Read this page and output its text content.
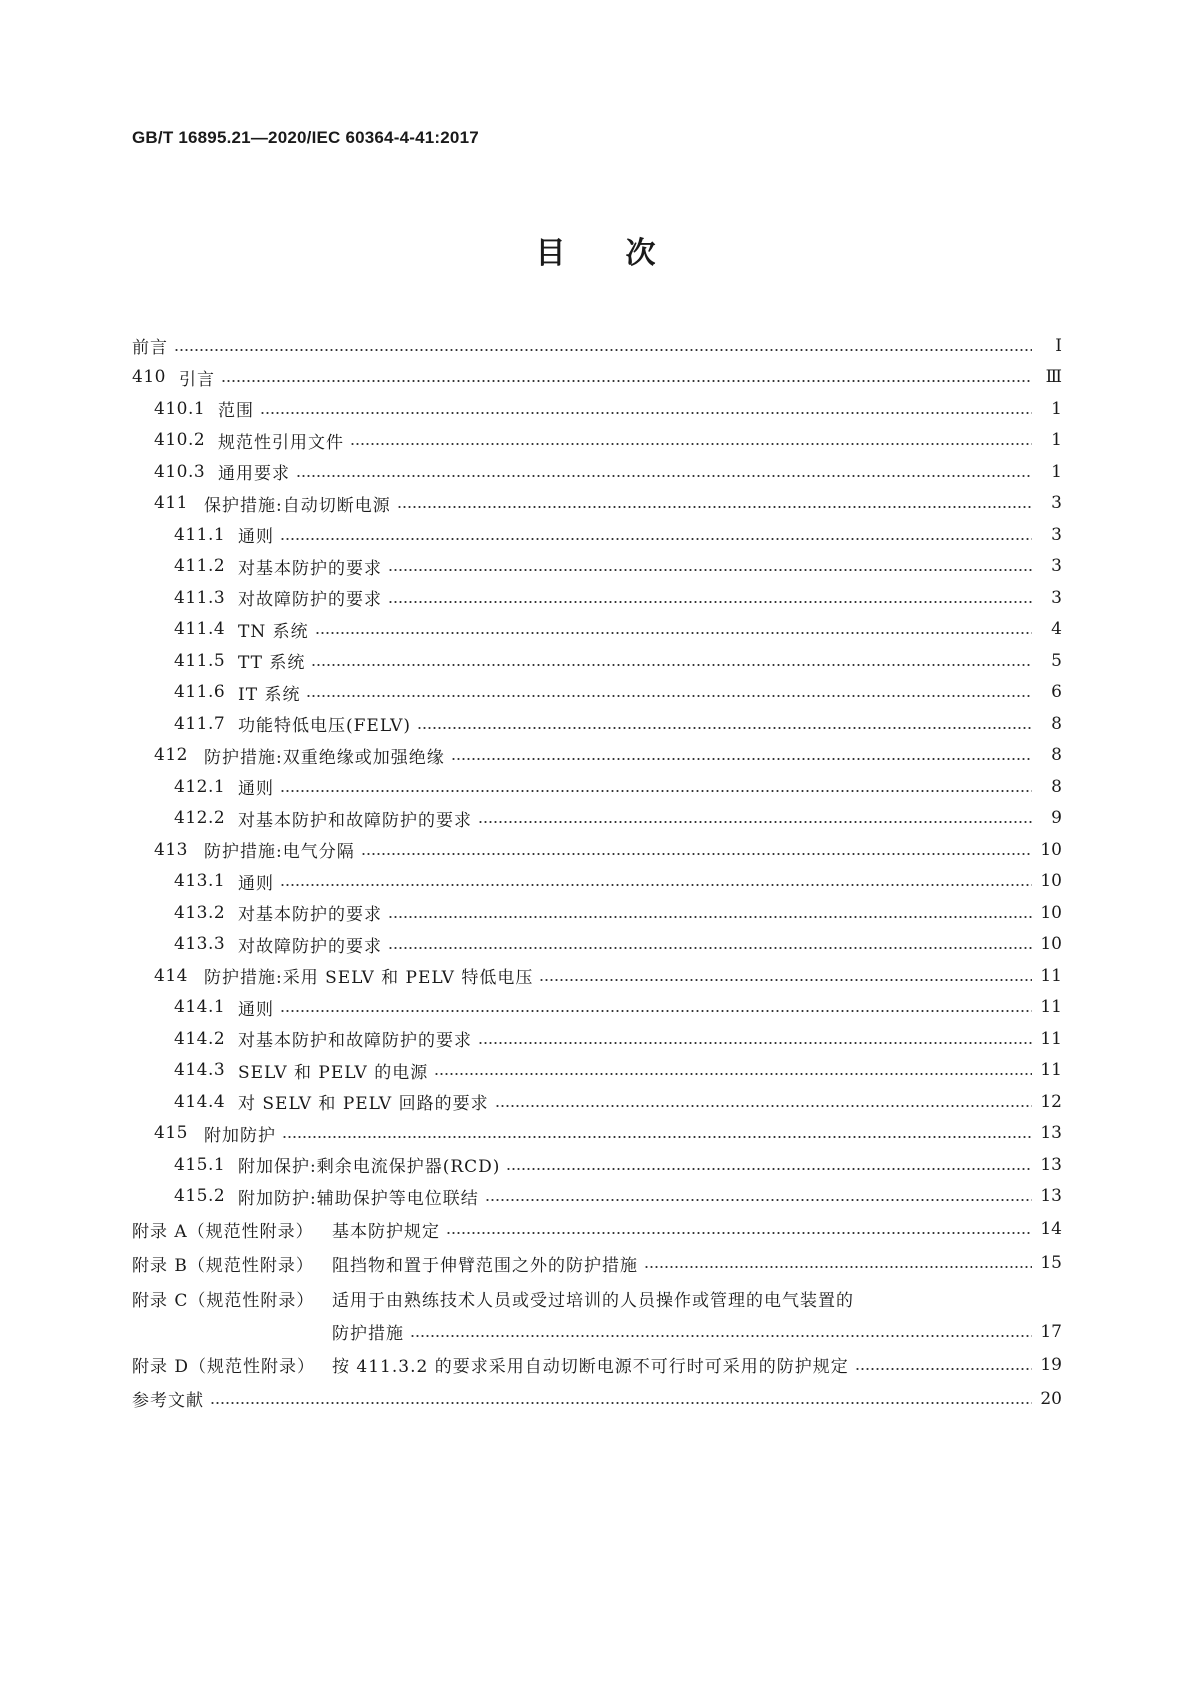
GB/T 16895.21—2020/IEC 60364-4-41:2017
目　　次
前言	Ⅰ
410 引言	Ⅲ
410.1 范围	1
410.2 规范性引用文件	1
410.3 通用要求	1
411 保护措施:自动切断电源	3
411.1 通则	3
411.2 对基本防护的要求	3
411.3 对故障防护的要求	3
411.4 TN 系统	4
411.5 TT 系统	5
411.6 IT 系统	6
411.7 功能特低电压(FELV)	8
412 防护措施:双重绝缘或加强绝缘	8
412.1 通则	8
412.2 对基本防护和故障防护的要求	9
413 防护措施:电气分隔	10
413.1 通则	10
413.2 对基本防护的要求	10
413.3 对故障防护的要求	10
414 防护措施:采用 SELV 和 PELV 特低电压	11
414.1 通则	11
414.2 对基本防护和故障防护的要求	11
414.3 SELV 和 PELV 的电源	11
414.4 对 SELV 和 PELV 回路的要求	12
415 附加防护	13
415.1 附加保护:剩余电流保护器(RCD)	13
415.2 附加防护:辅助保护等电位联结	13
附录 A（规范性附录）	基本防护规定	14
附录 B（规范性附录）	阻挡物和置于伸臂范围之外的防护措施	15
附录 C（规范性附录）	适用于由熟练技术人员或受过培训的人员操作或管理的电气装置的
防护措施	17
附录 D（规范性附录） 按 411.3.2 的要求采用自动切断电源不可行时可采用的防护规定	19
参考文献	20
